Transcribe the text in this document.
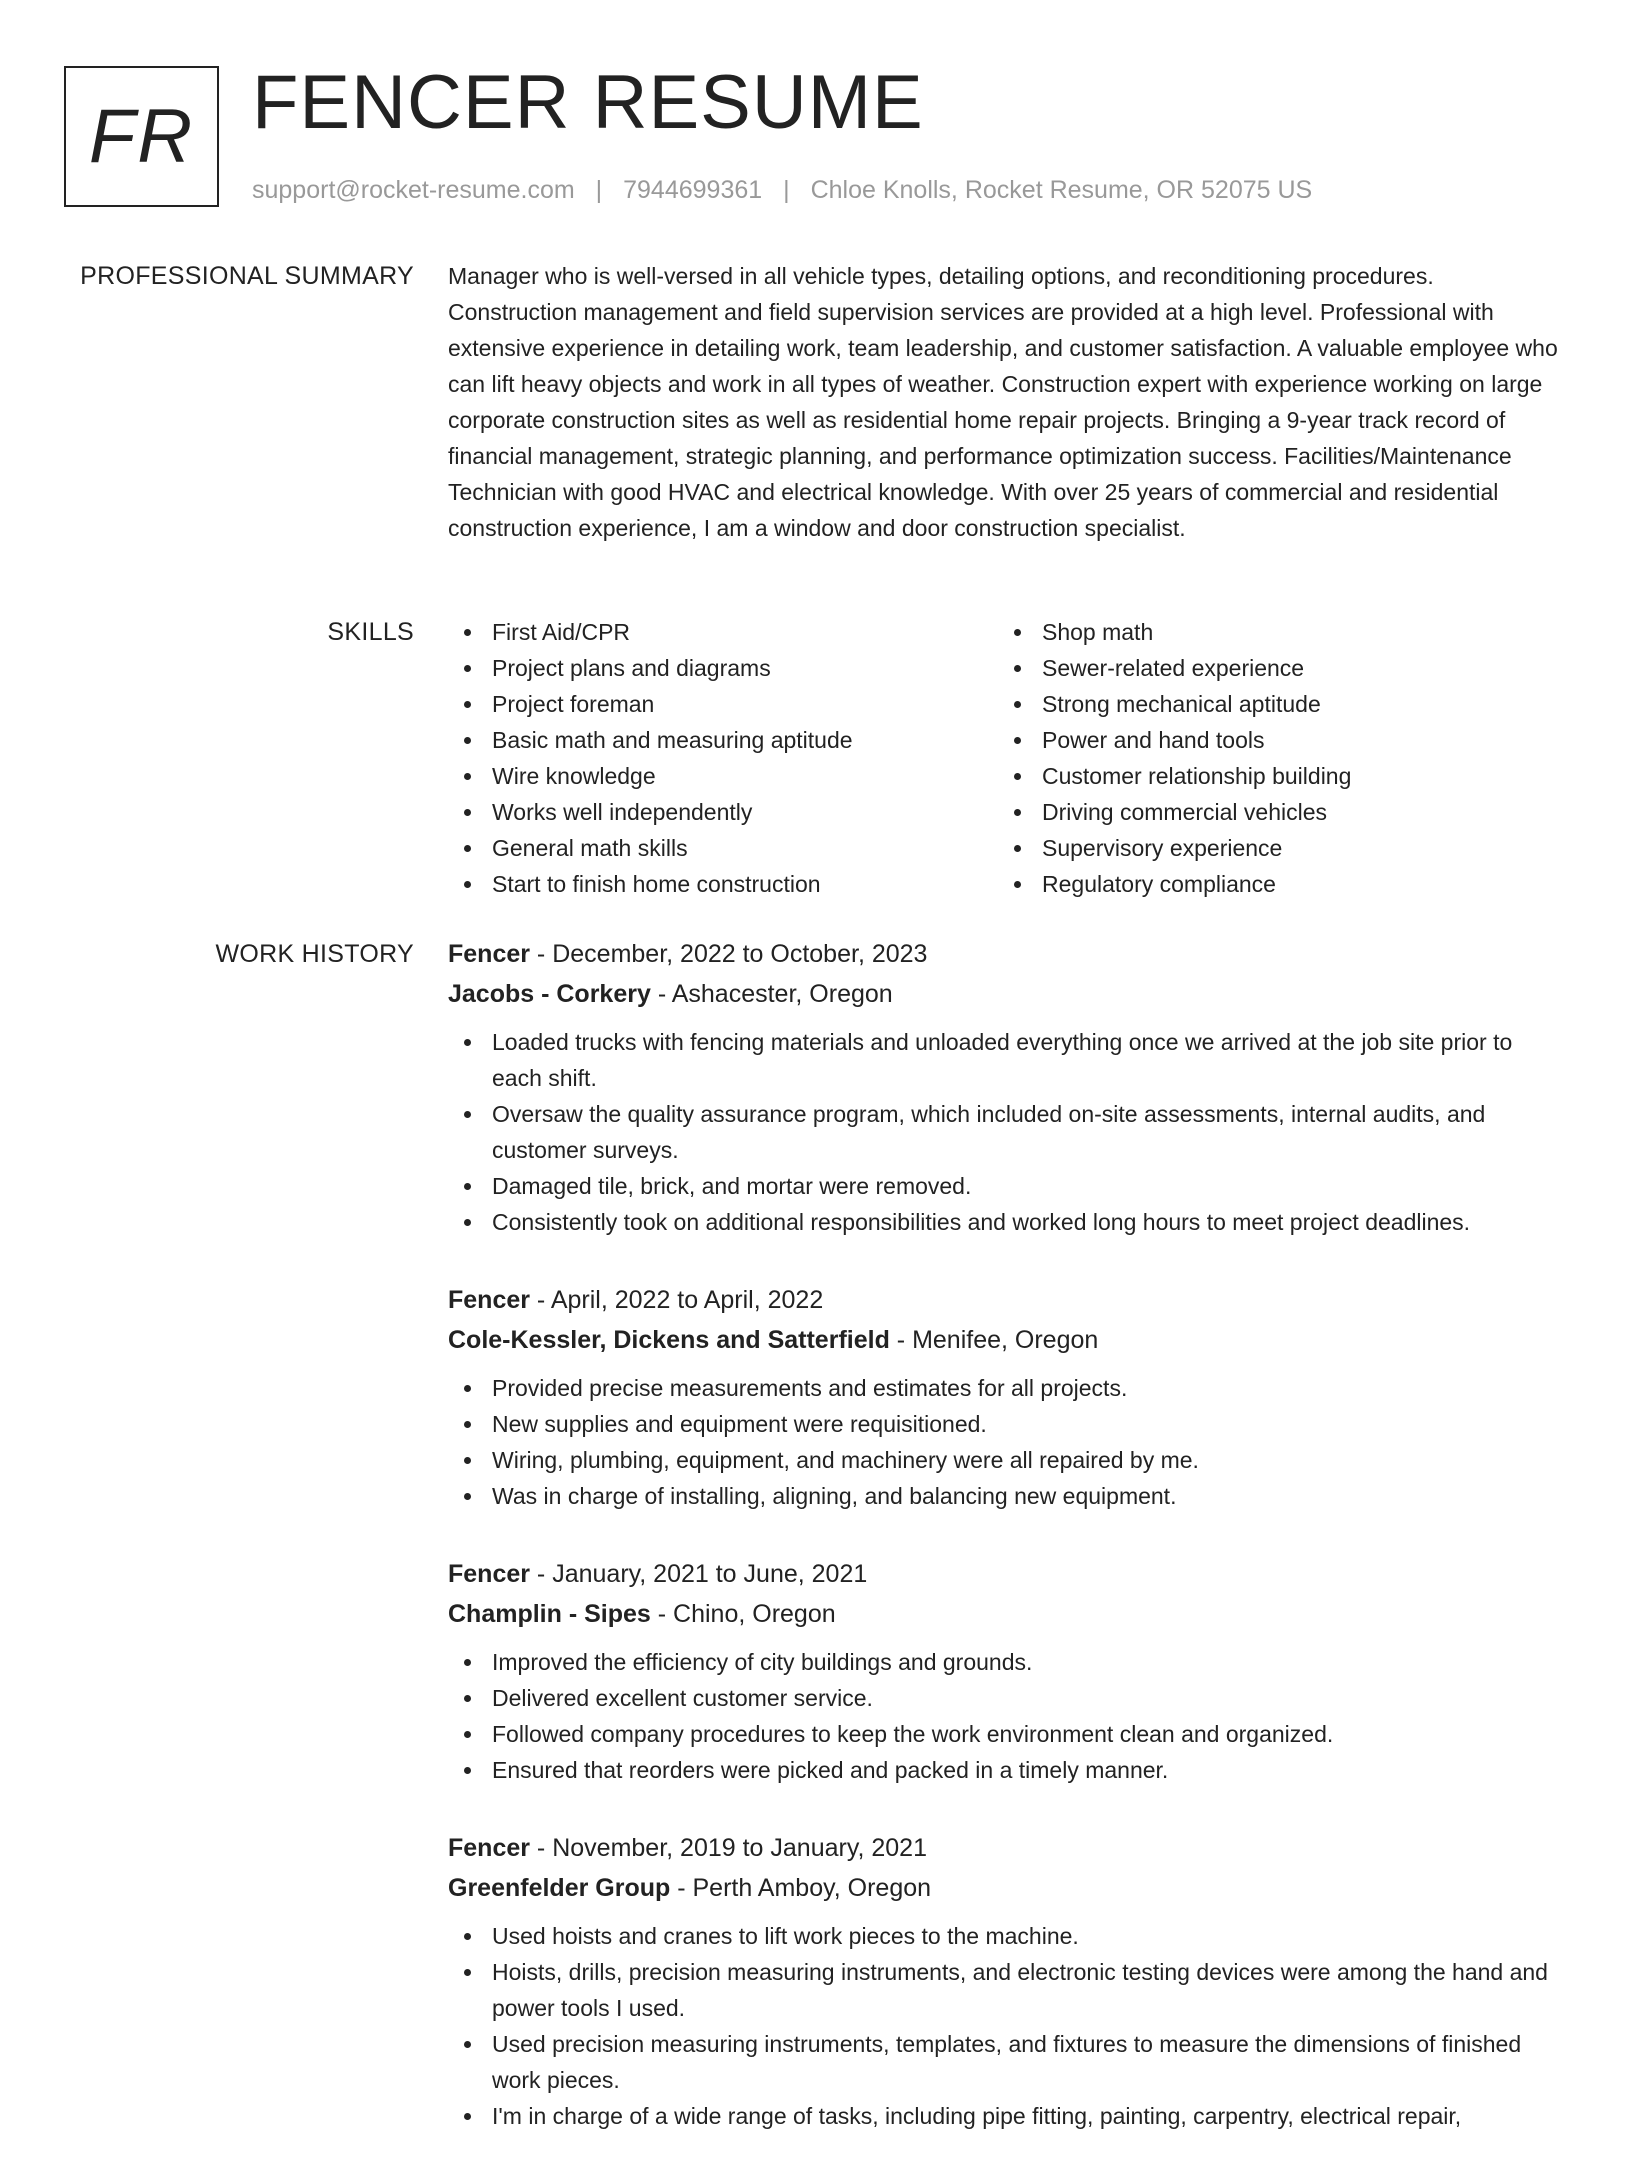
FR FENCER RESUME
support@rocket-resume.com | 7944699361 | Chloe Knolls, Rocket Resume, OR 52075 US
PROFESSIONAL SUMMARY Manager who is well-versed in all vehicle types, detailing options, and reconditioning procedures. Construction management and field supervision services are provided at a high level. Professional with extensive experience in detailing work, team leadership, and customer satisfaction. A valuable employee who can lift heavy objects and work in all types of weather. Construction expert with experience working on large corporate construction sites as well as residential home repair projects. Bringing a 9-year track record of financial management, strategic planning, and performance optimization success. Facilities/Maintenance Technician with good HVAC and electrical knowledge. With over 25 years of commercial and residential construction experience, I am a window and door construction specialist.

SKILLS	First Aid/CPR
Project plans and diagrams
Project foreman
Basic math and measuring aptitude
Wire knowledge
Works well independently
General math skills
Start to finish home construction
Shop math
Sewer-related experience
Strong mechanical aptitude
Power and hand tools
Customer relationship building
Driving commercial vehicles
Supervisory experience
Regulatory compliance
WORK HISTORY Fencer - December, 2022 to October, 2023
Jacobs - Corkery - Ashacester, Oregon
Loaded trucks with fencing materials and unloaded everything once we arrived at the job site prior to each shift.
Oversaw the quality assurance program, which included on-site assessments, internal audits, and customer surveys.
Damaged tile, brick, and mortar were removed.
Consistently took on additional responsibilities and worked long hours to meet project deadlines.
Fencer - April, 2022 to April, 2022
Cole-Kessler, Dickens and Satterfield - Menifee, Oregon
Provided precise measurements and estimates for all projects.
New supplies and equipment were requisitioned.
Wiring, plumbing, equipment, and machinery were all repaired by me.
Was in charge of installing, aligning, and balancing new equipment.
Fencer - January, 2021 to June, 2021
Champlin - Sipes - Chino, Oregon
Improved the efficiency of city buildings and grounds.
Delivered excellent customer service.
Followed company procedures to keep the work environment clean and organized.
Ensured that reorders were picked and packed in a timely manner.
Fencer - November, 2019 to January, 2021
Greenfelder Group - Perth Amboy, Oregon
Used hoists and cranes to lift work pieces to the machine.
Hoists, drills, precision measuring instruments, and electronic testing devices were among the hand and power tools I used.
Used precision measuring instruments, templates, and fixtures to measure the dimensions of finished work pieces.
I'm in charge of a wide range of tasks, including pipe fitting, painting, carpentry, electrical repair,
